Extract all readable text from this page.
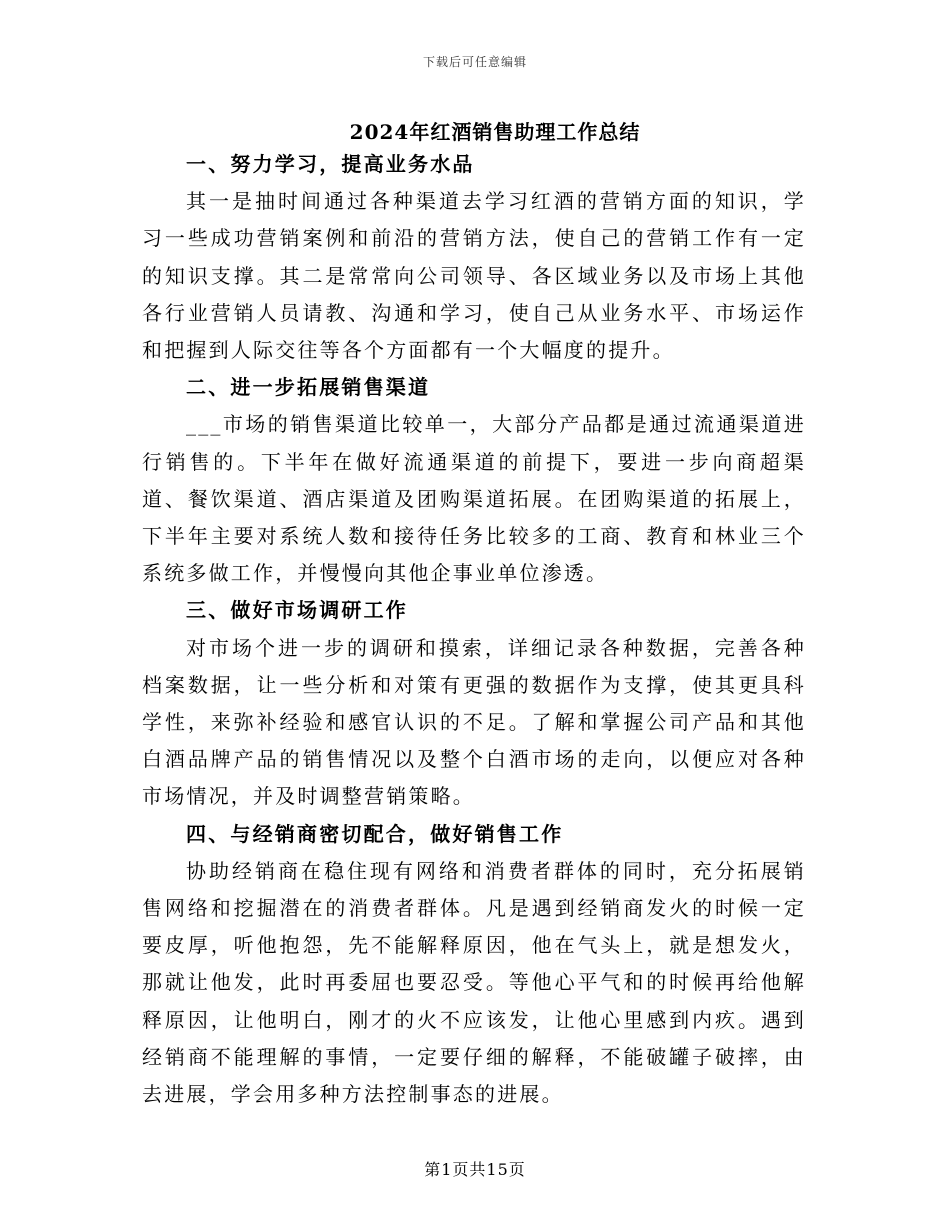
下载后可任意编辑
2024年红酒销售助理工作总结

一、努力学习，提高业务水品

其一是抽时间通过各种渠道去学习红酒的营销方面的知识，学习一些成功营销案例和前沿的营销方法，使自己的营销工作有一定的知识支撑。其二是常常向公司领导、各区域业务以及市场上其他各行业营销人员请教、沟通和学习，使自己从业务水平、市场运作和把握到人际交往等各个方面都有一个大幅度的提升。

二、进一步拓展销售渠道

___市场的销售渠道比较单一，大部分产品都是通过流通渠道进行销售的。下半年在做好流通渠道的前提下，要进一步向商超渠道、餐饮渠道、酒店渠道及团购渠道拓展。在团购渠道的拓展上，下半年主要对系统人数和接待任务比较多的工商、教育和林业三个系统多做工作，并慢慢向其他企事业单位渗透。

三、做好市场调研工作

对市场个进一步的调研和摸索，详细记录各种数据，完善各种档案数据，让一些分析和对策有更强的数据作为支撑，使其更具科学性，来弥补经验和感官认识的不足。了解和掌握公司产品和其他白酒品牌产品的销售情况以及整个白酒市场的走向，以便应对各种市场情况，并及时调整营销策略。

四、与经销商密切配合，做好销售工作

协助经销商在稳住现有网络和消费者群体的同时，充分拓展销售网络和挖掘潜在的消费者群体。凡是遇到经销商发火的时候一定要皮厚，听他抱怨，先不能解释原因，他在气头上，就是想发火，那就让他发，此时再委屈也要忍受。等他心平气和的时候再给他解释原因，让他明白，刚才的火不应该发，让他心里感到内疚。遇到经销商不能理解的事情，一定要仔细的解释，不能破罐子破摔，由去进展，学会用多种方法控制事态的进展。

第1页共15页
